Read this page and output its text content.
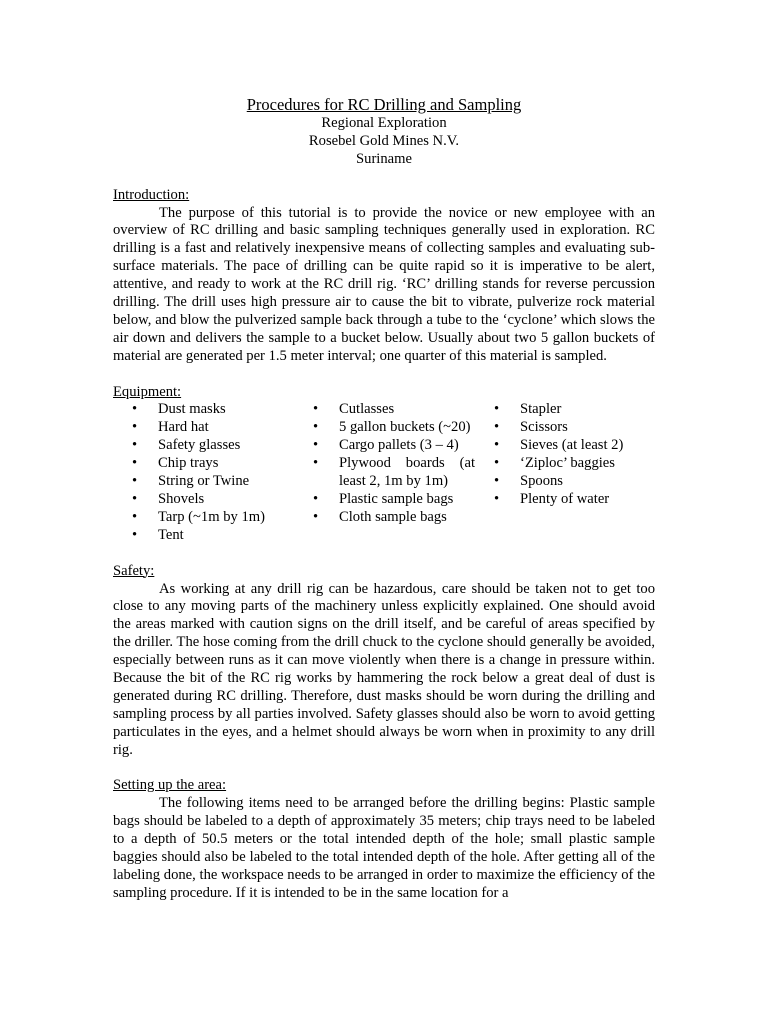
Procedures for RC Drilling and Sampling
Regional Exploration
Rosebel Gold Mines N.V.
Suriname
Introduction:

The purpose of this tutorial is to provide the novice or new employee with an overview of RC drilling and basic sampling techniques generally used in exploration. RC drilling is a fast and relatively inexpensive means of collecting samples and evaluating sub-surface materials. The pace of drilling can be quite rapid so it is imperative to be alert, attentive, and ready to work at the RC drill rig. ‘RC’ drilling stands for reverse percussion drilling. The drill uses high pressure air to cause the bit to vibrate, pulverize rock material below, and blow the pulverized sample back through a tube to the ‘cyclone’ which slows the air down and delivers the sample to a bucket below. Usually about two 5 gallon buckets of material are generated per 1.5 meter interval; one quarter of this material is sampled.

Equipment:
• Dust masks
• Hard hat
• Safety glasses
• Chip trays
• String or Twine
• Shovels
• Tarp (~1m by 1m)
• Tent
• Cutlasses
• 5 gallon buckets (~20)
• Cargo pallets (3 – 4)
• Plywood boards (at least 2, 1m by 1m)
• Plastic sample bags
• Cloth sample bags
• Stapler
• Scissors
• Sieves (at least 2)
• ‘Ziploc’ baggies
• Spoons
• Plenty of water
Safety:

As working at any drill rig can be hazardous, care should be taken not to get too close to any moving parts of the machinery unless explicitly explained. One should avoid the areas marked with caution signs on the drill itself, and be careful of areas specified by the driller. The hose coming from the drill chuck to the cyclone should generally be avoided, especially between runs as it can move violently when there is a change in pressure within. Because the bit of the RC rig works by hammering the rock below a great deal of dust is generated during RC drilling. Therefore, dust masks should be worn during the drilling and sampling process by all parties involved. Safety glasses should also be worn to avoid getting particulates in the eyes, and a helmet should always be worn when in proximity to any drill rig.

Setting up the area:

The following items need to be arranged before the drilling begins: Plastic sample bags should be labeled to a depth of approximately 35 meters; chip trays need to be labeled to a depth of 50.5 meters or the total intended depth of the hole; small plastic sample baggies should also be labeled to the total intended depth of the hole. After getting all of the labeling done, the workspace needs to be arranged in order to maximize the efficiency of the sampling procedure. If it is intended to be in the same location for a
